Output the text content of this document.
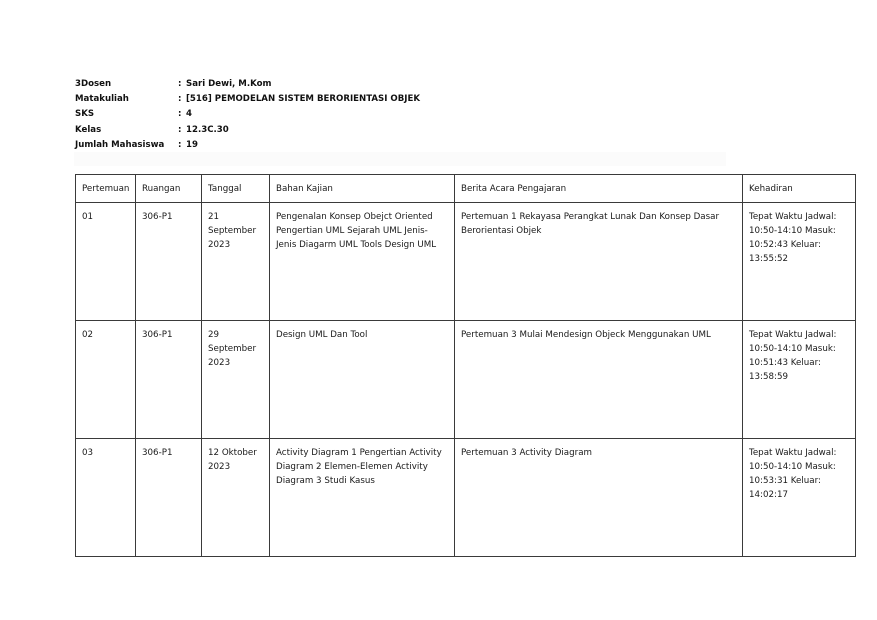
3Dosen	: Sari Dewi, M.Kom
Matakuliah	: [516] PEMODELAN SISTEM BERORIENTASI OBJEK
SKS	: 4
Kelas	: 12.3C.30
Jumlah Mahasiswa	: 19
Pertemuan	Ruangan	Tanggal	Bahan Kajian	Berita Acara Pengajaran	Kehadiran
01	306-P1	21 September 2023	Pengenalan Konsep Obejct Oriented Pengertian UML Sejarah UML Jenis-Jenis Diagarm UML Tools Design UML	Pertemuan 1 Rekayasa Perangkat Lunak Dan Konsep Dasar Berorientasi Objek	Tepat Waktu Jadwal: 10:50-14:10 Masuk: 10:52:43 Keluar: 13:55:52
02	306-P1	29 September 2023	Design UML Dan Tool	Pertemuan 3 Mulai Mendesign Objeck Menggunakan UML	Tepat Waktu Jadwal: 10:50-14:10 Masuk: 10:51:43 Keluar: 13:58:59
03	306-P1	12 Oktober 2023	Activity Diagram 1 Pengertian Activity Diagram 2 Elemen-Elemen Activity Diagram 3 Studi Kasus	Pertemuan 3 Activity Diagram	Tepat Waktu Jadwal: 10:50-14:10 Masuk: 10:53:31 Keluar: 14:02:17
